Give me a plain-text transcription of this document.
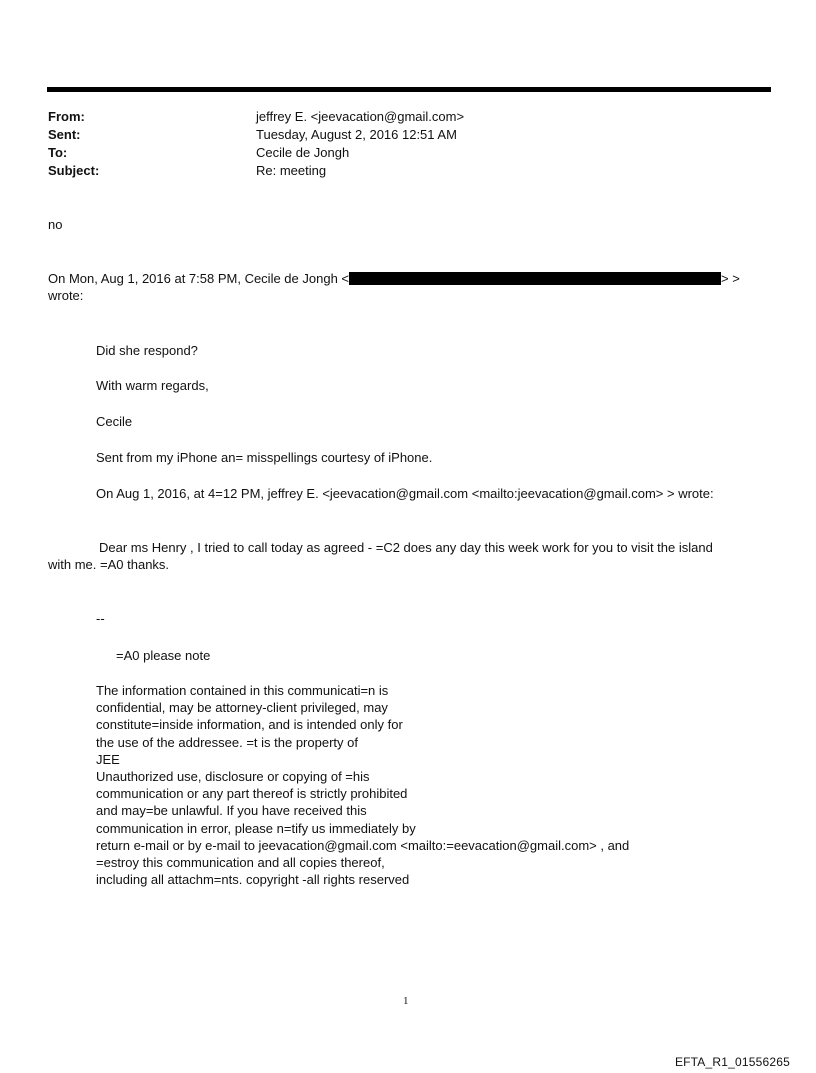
From:	jeffrey E. <jeevacation@gmail.com>
Sent:	Tuesday, August 2, 2016 12:51 AM
To:	Cecile de Jongh
Subject:	Re: meeting
no
On Mon, Aug 1, 2016 at 7:58 PM, Cecile de Jongh <	> >
wrote:
Did she respond?
With warm regards,
Cecile
Sent from my iPhone an= misspellings courtesy of iPhone.
On Aug 1, 2016, at 4=12 PM, jeffrey E. <jeevacation@gmail.com <mailto:jeevacation@gmail.com> > wrote:
Dear ms Henry , I tried to call today as agreed - =C2 does any day this week work for you to visit the island
with me. =A0 thanks.
--
=A0 please note
The information contained in this communicati=n is
confidential, may be attorney-client privileged, may
constitute=inside information, and is intended only for
the use of the addressee. =t is the property of
JEE
Unauthorized use, disclosure or copying of =his
communication or any part thereof is strictly prohibited
and may=be unlawful. If you have received this
communication in error, please n=tify us immediately by
return e-mail or by e-mail to jeevacation@gmail.com <mailto:=eevacation@gmail.com> , and
=estroy this communication and all copies thereof,
including all attachm=nts. copyright -all rights reserved
1
EFTA_R1_01556265
